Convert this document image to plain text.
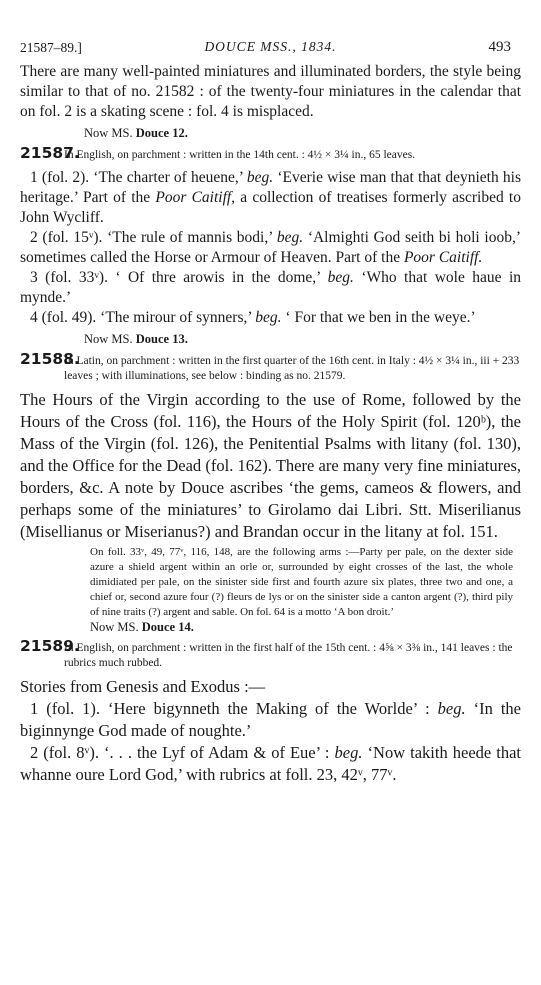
21587–89.]	DOUCE MSS., 1834.	493

There are many well-painted miniatures and illuminated borders, the style being similar to that of no. 21582 : of the twenty-four miniatures in the calendar that on fol. 2 is a skating scene : fol. 4 is misplaced.

Now MS. Douce 12.
21587.
In English, on parchment : written in the 14th cent. : 4½ × 3¼ in., 65 leaves.

1 (fol. 2). ‘The charter of heuene,’ beg. ‘Everie wise man that that deynieth his heritage.’ Part of the Poor Caitiff, a collection of treatises formerly ascribed to John Wycliff.

2 (fol. 15ᵛ). ‘The rule of mannis bodi,’ beg. ‘Almighti God seith bi holi ioob,’ sometimes called the Horse or Armour of Heaven. Part of the Poor Caitiff.

3 (fol. 33ᵛ). ‘ Of thre arowis in the dome,’ beg. ‘Who that wole haue in mynde.’

4 (fol. 49). ‘The mirour of synners,’ beg. ‘ For that we ben in the weye.’

Now MS. Douce 13.
21588.
In Latin, on parchment : written in the first quarter of the 16th cent. in Italy : 4½ × 3¼ in., iii + 233 leaves ; with illuminations, see below : binding as no. 21579.

The Hours of the Virgin according to the use of Rome, followed by the Hours of the Cross (fol. 116), the Hours of the Holy Spirit (fol. 120ᵇ), the Mass of the Virgin (fol. 126), the Penitential Psalms with litany (fol. 130), and the Office for the Dead (fol. 162). There are many very fine miniatures, borders, &c. A note by Douce ascribes ‘the gems, cameos & flowers, and perhaps some of the miniatures’ to Girolamo dai Libri. Stt. Miserilianus (Misellianus or Miserianus?) and Brandan occur in the litany at fol. 151.

On foll. 33ᵛ, 49, 77ᵛ, 116, 148, are the following arms :—Party per pale, on the dexter side azure a shield argent within an orle or, surrounded by eight crosses of the last, the whole dimidiated per pale, on the sinister side first and fourth azure six plates, three two and one, a chief or, second azure four (?) fleurs de lys or on the sinister side a canton argent (?), third pily of nine traits (?) argent and sable. On fol. 64 is a motto ‘A bon droit.’
Now MS. Douce 14.
21589.
In English, on parchment : written in the first half of the 15th cent. : 4⅝ × 3⅜ in., 141 leaves : the rubrics much rubbed.

Stories from Genesis and Exodus :—

1 (fol. 1). ‘Here bigynneth the Making of the Worlde’ : beg. ‘In the biginnynge God made of noughte.’

2 (fol. 8ᵛ). ‘. . . the Lyf of Adam & of Eue’ : beg. ‘Now takith heede that whanne oure Lord God,’ with rubrics at foll. 23, 42ᵛ, 77ᵛ.
